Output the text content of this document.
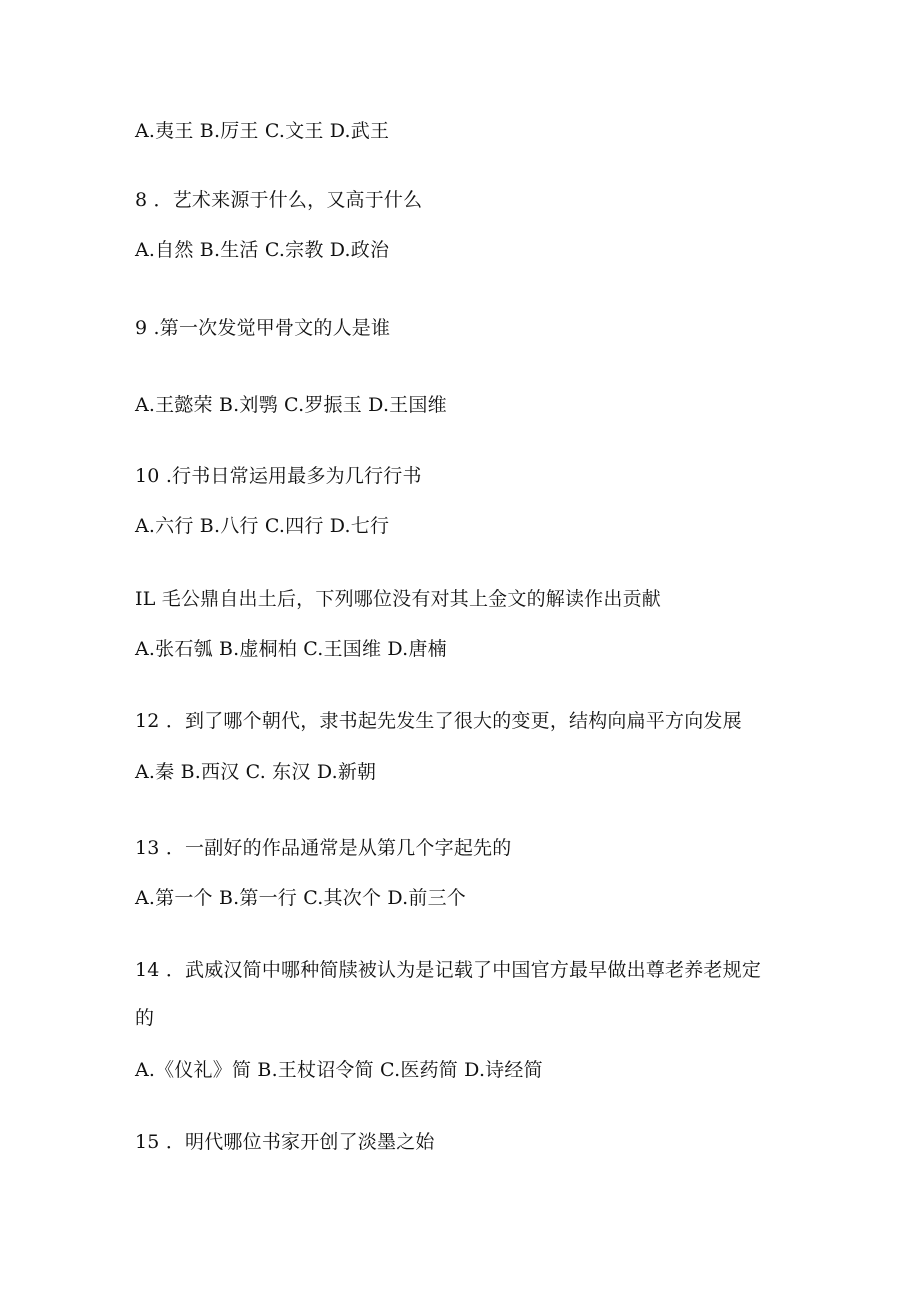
A.夷王 B.厉王 C.文王 D.武王
8 ．艺术来源于什么，又高于什么
A.自然 B.生活 C.宗教 D.政治
9 .第一次发觉甲骨文的人是谁
A.王懿荣 B.刘鹗 C.罗振玉 D.王国维
10 .行书日常运用最多为几行行书
A.六行 B.八行 C.四行 D.七行
IL 毛公鼎自出土后，下列哪位没有对其上金文的解读作出贡献
A.张石瓠 B.虚桐柏 C.王国维 D.唐楠
12 ．到了哪个朝代，隶书起先发生了很大的变更，结构向扁平方向发展
A.秦 B.西汉 C. 东汉 D.新朝
13 ．一副好的作品通常是从第几个字起先的
A.第一个 B.第一行 C.其次个 D.前三个
14 ．武威汉简中哪种简牍被认为是记载了中国官方最早做出尊老养老规定的
A.《仪礼》简 B.王杖诏令简 C.医药简 D.诗经简
15 ．明代哪位书家开创了淡墨之始
